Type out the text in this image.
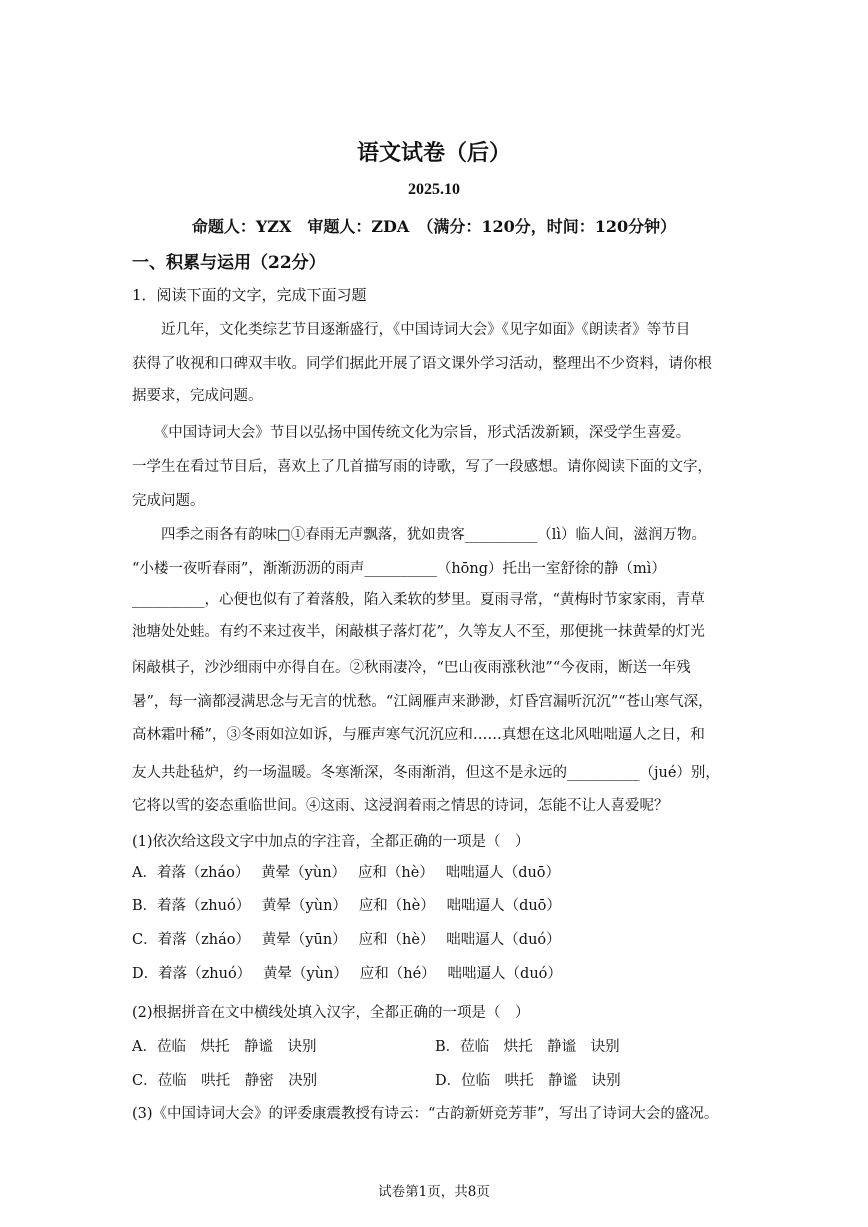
语文试卷（后）
2025.10
命题人：YZX　审题人：ZDA　（满分：120分，时间：120分钟）
一、积累与运用（22分）
1．阅读下面的文字，完成下面习题
　　近几年，文化类综艺节目逐渐盛行，《中国诗词大会》《见字如面》《朗读者》等节目
获得了收视和口碑双丰收。同学们据此开展了语文课外学习活动，整理出不少资料，请你根
据要求，完成问题。
　　《中国诗词大会》节目以弘扬中国传统文化为宗旨，形式活泼新颖，深受学生喜爱。
一学生在看过节目后，喜欢上了几首描写雨的诗歌，写了一段感想。请你阅读下面的文字，
完成问题。
　　四季之雨各有韵味□①春雨无声飘落，犹如贵客__________（lì）临人间，滋润万物。
“小楼一夜听春雨”，渐渐沥沥的雨声__________（hōng）托出一室舒徐的静（mì）
__________，心便也似有了着落般，陷入柔软的梦里。夏雨寻常，“黄梅时节家家雨，青草
池塘处处蛙。有约不来过夜半，闲敲棋子落灯花”，久等友人不至，那便挑一抹黄晕的灯光
闲敲棋子，沙沙细雨中亦得自在。②秋雨凄冷，“巴山夜雨涨秋池”“今夜雨，断送一年残
暑”，每一滴都浸满思念与无言的忧愁。“江阔雁声来渺渺，灯昏宫漏听沉沉”“苍山寒气深，
高林霜叶稀”，③冬雨如泣如诉，与雁声寒气沉沉应和……真想在这北风咄咄逼人之日，和
友人共赴毡炉，约一场温暖。冬寒渐深，冬雨渐消，但这不是永远的__________（jué）别，
它将以雪的姿态重临世间。④这雨、这浸润着雨之情思的诗词，怎能不让人喜爱呢？
(1)依次给这段文字中加点的字注音，全都正确的一项是（　）
A．着落（zháo）　 黄晕（yùn）　 应和（hè）　 咄咄逼人（duō）
B．着落（zhuó）　 黄晕（yùn）　 应和（hè）　 咄咄逼人（duō）
C．着落（zháo）　 黄晕（yūn）　 应和（hè）　 咄咄逼人（duó）
D．着落（zhuó）　 黄晕（yùn）　 应和（hé）　 咄咄逼人（duó）
(2)根据拼音在文中横线处填入汉字，全都正确的一项是（　）
A．莅临　烘托　静谧　诀别	B．莅临　烘托　静谧　诀别
C．莅临　哄托　静密　决别	D．位临　哄托　静谧　诀别
(3)《中国诗词大会》的评委康震教授有诗云：“古韵新妍竞芳菲”，写出了诗词大会的盛况。
试卷第1页，共8页
